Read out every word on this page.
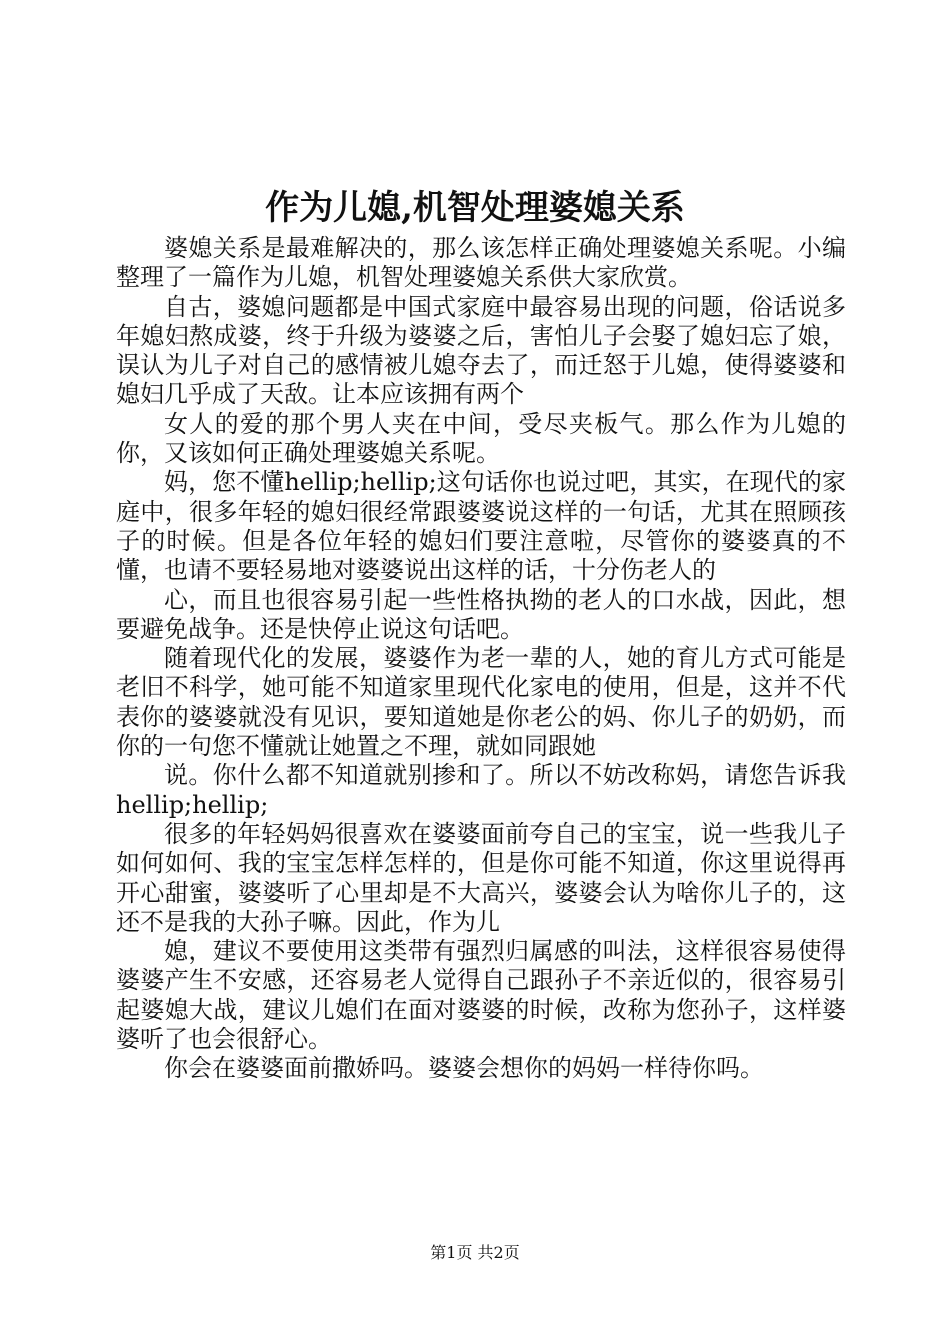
作为儿媳,机智处理婆媳关系

婆媳关系是最难解决的，那么该怎样正确处理婆媳关系呢。小编整理了一篇作为儿媳，机智处理婆媳关系供大家欣赏。

自古，婆媳问题都是中国式家庭中最容易出现的问题，俗话说多年媳妇熬成婆，终于升级为婆婆之后，害怕儿子会娶了媳妇忘了娘，误认为儿子对自己的感情被儿媳夺去了，而迁怒于儿媳，使得婆婆和媳妇几乎成了天敌。让本应该拥有两个

女人的爱的那个男人夹在中间，受尽夹板气。那么作为儿媳的你，又该如何正确处理婆媳关系呢。

妈，您不懂hellip;hellip;这句话你也说过吧，其实，在现代的家庭中，很多年轻的媳妇很经常跟婆婆说这样的一句话，尤其在照顾孩子的时候。但是各位年轻的媳妇们要注意啦，尽管你的婆婆真的不懂，也请不要轻易地对婆婆说出这样的话，十分伤老人的

心，而且也很容易引起一些性格执拗的老人的口水战，因此，想要避免战争。还是快停止说这句话吧。

随着现代化的发展，婆婆作为老一辈的人，她的育儿方式可能是老旧不科学，她可能不知道家里现代化家电的使用，但是，这并不代表你的婆婆就没有见识，要知道她是你老公的妈、你儿子的奶奶，而你的一句您不懂就让她置之不理，就如同跟她

说。你什么都不知道就别掺和了。所以不妨改称妈，请您告诉我hellip;hellip;

很多的年轻妈妈很喜欢在婆婆面前夸自己的宝宝，说一些我儿子如何如何、我的宝宝怎样怎样的，但是你可能不知道，你这里说得再开心甜蜜，婆婆听了心里却是不大高兴，婆婆会认为啥你儿子的，这还不是我的大孙子嘛。因此，作为儿

媳，建议不要使用这类带有强烈归属感的叫法，这样很容易使得婆婆产生不安感，还容易老人觉得自己跟孙子不亲近似的，很容易引起婆媳大战，建议儿媳们在面对婆婆的时候，改称为您孙子，这样婆婆听了也会很舒心。

你会在婆婆面前撒娇吗。婆婆会想你的妈妈一样待你吗。

第1页 共2页
